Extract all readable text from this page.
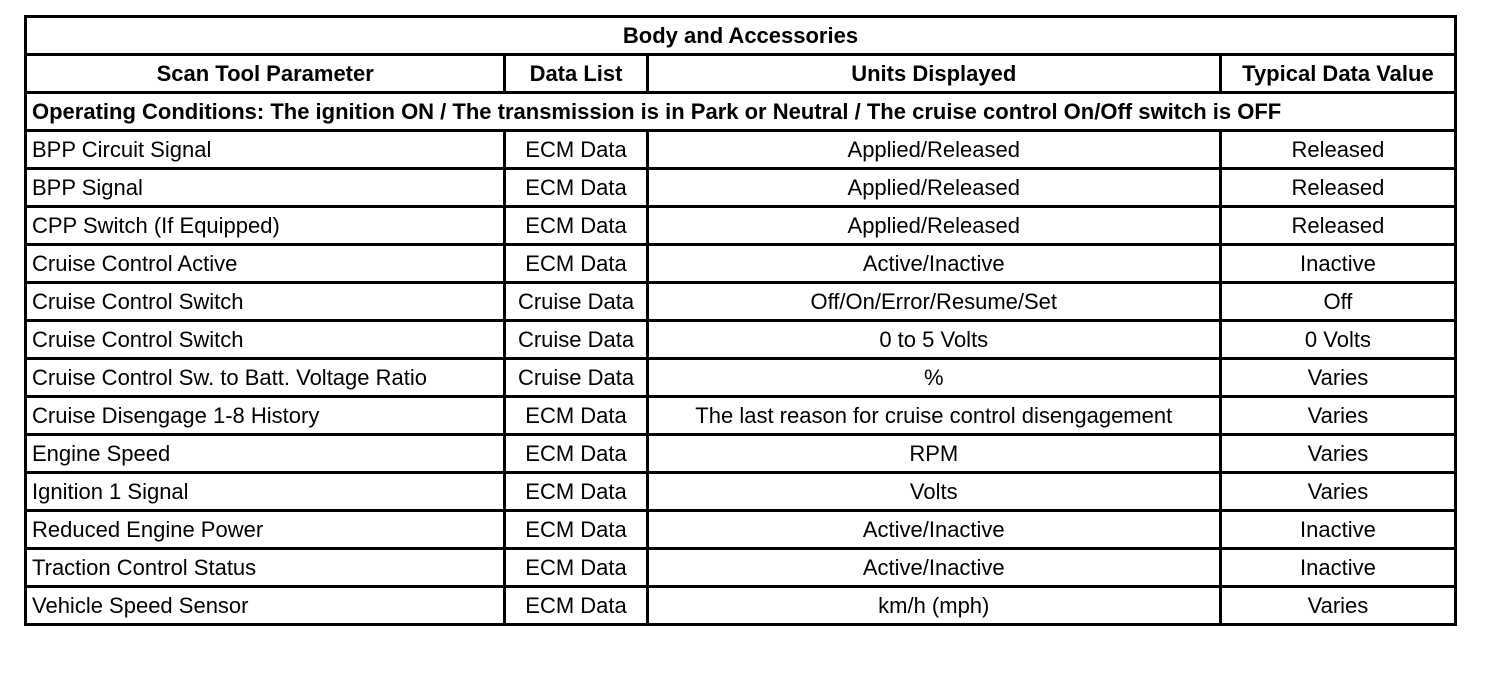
Body and Accessories			
Scan Tool Parameter	Data List	Units Displayed	Typical Data Value
Operating Conditions: The ignition ON / The transmission is in Park or Neutral / The cruise control On/Off switch is OFF			
BPP Circuit Signal	ECM Data	Applied/Released	Released
BPP Signal	ECM Data	Applied/Released	Released
CPP Switch (If Equipped)	ECM Data	Applied/Released	Released
Cruise Control Active	ECM Data	Active/Inactive	Inactive
Cruise Control Switch	Cruise Data	Off/On/Error/Resume/Set	Off
Cruise Control Switch	Cruise Data	0 to 5 Volts	0 Volts
Cruise Control Sw. to Batt. Voltage Ratio	Cruise Data	%	Varies
Cruise Disengage 1-8 History	ECM Data	The last reason for cruise control disengagement	Varies
Engine Speed	ECM Data	RPM	Varies
Ignition 1 Signal	ECM Data	Volts	Varies
Reduced Engine Power	ECM Data	Active/Inactive	Inactive
Traction Control Status	ECM Data	Active/Inactive	Inactive
Vehicle Speed Sensor	ECM Data	km/h (mph)	Varies
